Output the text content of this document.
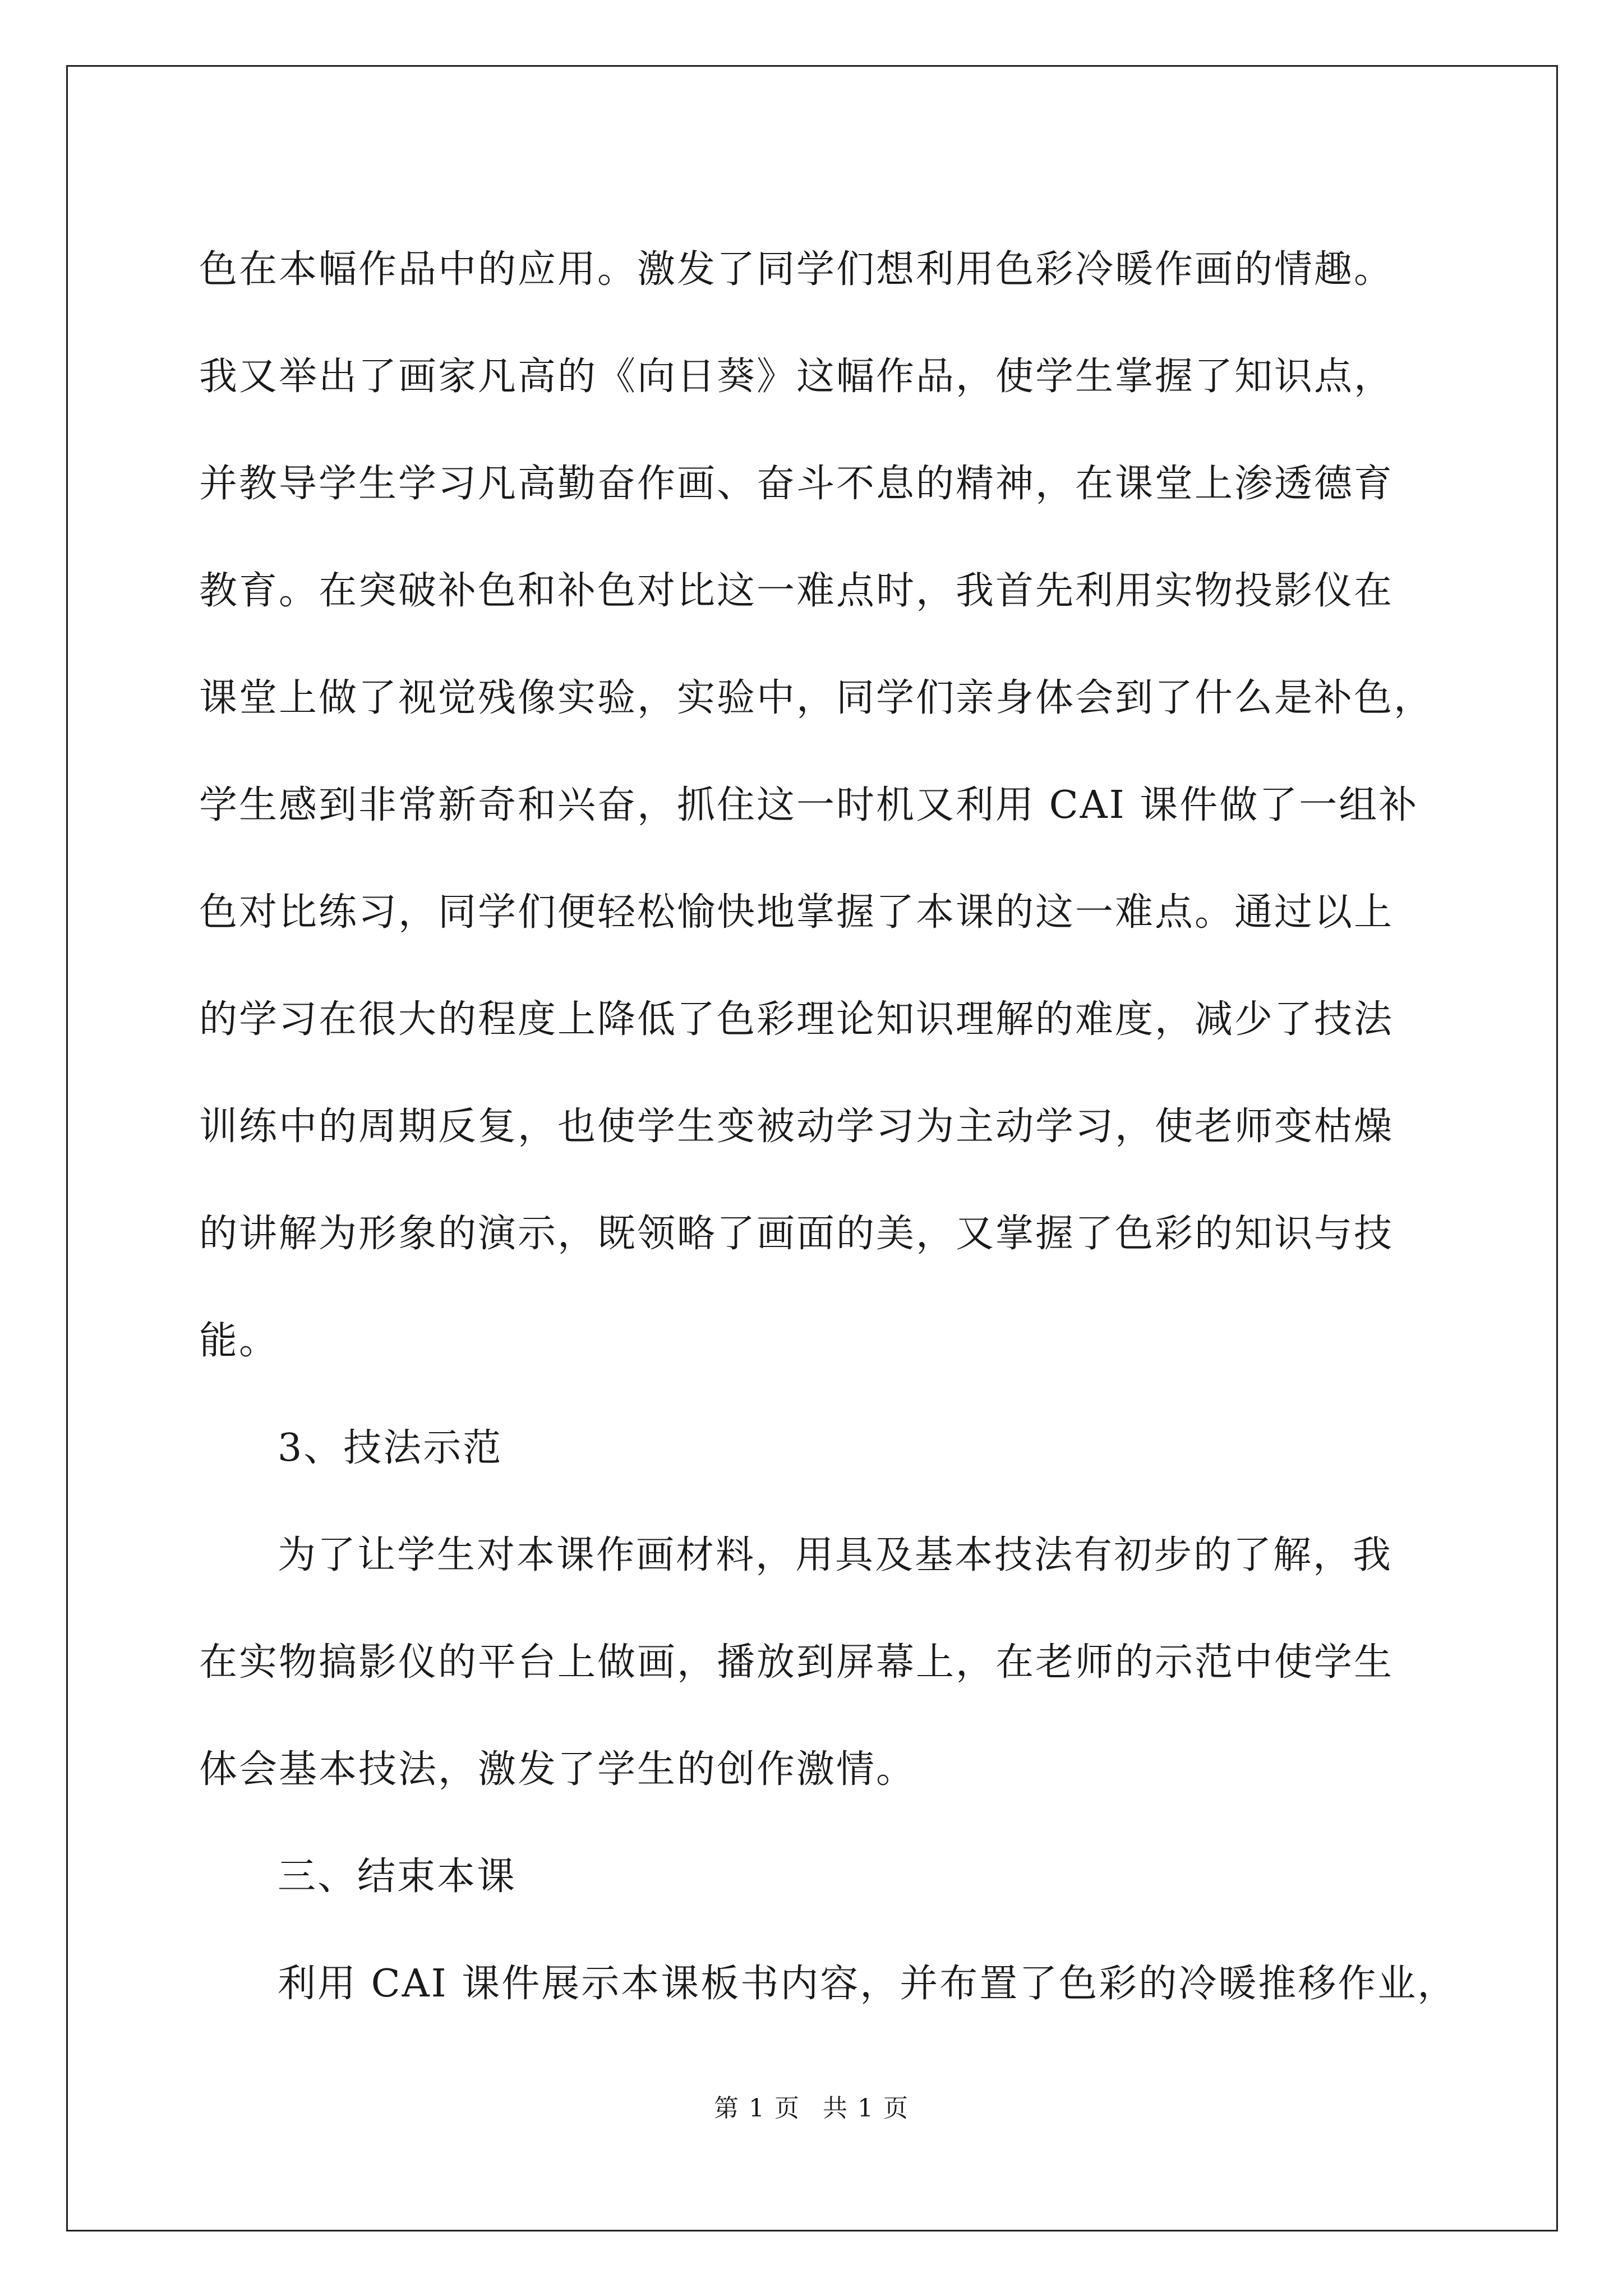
色在本幅作品中的应用。激发了同学们想利用色彩冷暖作画的情趣。
我又举出了画家凡高的《向日葵》这幅作品，使学生掌握了知识点，
并教导学生学习凡高勤奋作画、奋斗不息的精神，在课堂上渗透德育
教育。在突破补色和补色对比这一难点时，我首先利用实物投影仪在
课堂上做了视觉残像实验，实验中，同学们亲身体会到了什么是补色，
学生感到非常新奇和兴奋，抓住这一时机又利用 CAI 课件做了一组补
色对比练习，同学们便轻松愉快地掌握了本课的这一难点。通过以上
的学习在很大的程度上降低了色彩理论知识理解的难度，减少了技法
训练中的周期反复，也使学生变被动学习为主动学习，使老师变枯燥
的讲解为形象的演示，既领略了画面的美，又掌握了色彩的知识与技
能。
3、技法示范
为了让学生对本课作画材料，用具及基本技法有初步的了解，我
在实物搞影仪的平台上做画，播放到屏幕上，在老师的示范中使学生
体会基本技法，激发了学生的创作激情。
三、结束本课
利用 CAI 课件展示本课板书内容，并布置了色彩的冷暖推移作业，
第 1 页 共 1 页
